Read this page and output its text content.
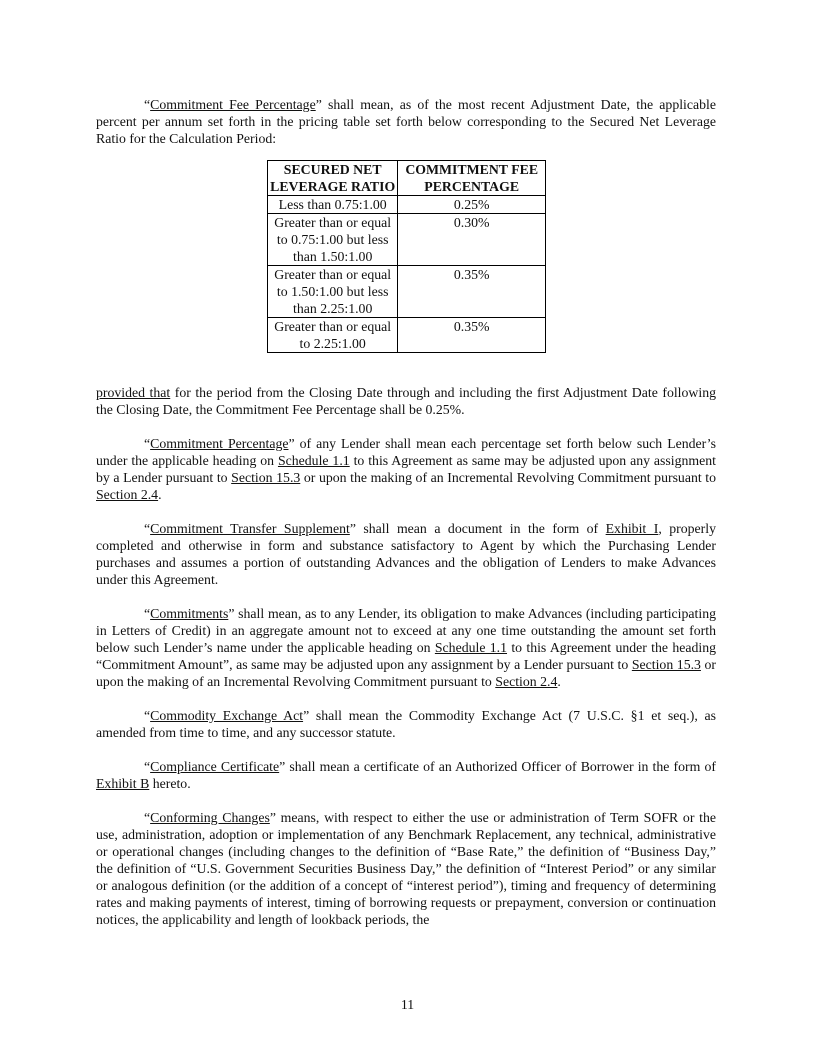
“Commitment Fee Percentage” shall mean, as of the most recent Adjustment Date, the applicable percent per annum set forth in the pricing table set forth below corresponding to the Secured Net Leverage Ratio for the Calculation Period:

SECURED NET LEVERAGE RATIO	COMMITMENT FEE PERCENTAGE
Less than 0.75:1.00	0.25%
Greater than or equal to 0.75:1.00 but less than 1.50:1.00	0.30%
Greater than or equal to 1.50:1.00 but less than 2.25:1.00	0.35%
Greater than or equal to 2.25:1.00	0.35%

provided that for the period from the Closing Date through and including the first Adjustment Date following the Closing Date, the Commitment Fee Percentage shall be 0.25%.

“Commitment Percentage” of any Lender shall mean each percentage set forth below such Lender’s under the applicable heading on Schedule 1.1 to this Agreement as same may be adjusted upon any assignment by a Lender pursuant to Section 15.3 or upon the making of an Incremental Revolving Commitment pursuant to Section 2.4.

“Commitment Transfer Supplement” shall mean a document in the form of Exhibit I, properly completed and otherwise in form and substance satisfactory to Agent by which the Purchasing Lender purchases and assumes a portion of outstanding Advances and the obligation of Lenders to make Advances under this Agreement.

“Commitments” shall mean, as to any Lender, its obligation to make Advances (including participating in Letters of Credit) in an aggregate amount not to exceed at any one time outstanding the amount set forth below such Lender’s name under the applicable heading on Schedule 1.1 to this Agreement under the heading “Commitment Amount”, as same may be adjusted upon any assignment by a Lender pursuant to Section 15.3 or upon the making of an Incremental Revolving Commitment pursuant to Section 2.4.

“Commodity Exchange Act” shall mean the Commodity Exchange Act (7 U.S.C. §1 et seq.), as amended from time to time, and any successor statute.

“Compliance Certificate” shall mean a certificate of an Authorized Officer of Borrower in the form of Exhibit B hereto.

“Conforming Changes” means, with respect to either the use or administration of Term SOFR or the use, administration, adoption or implementation of any Benchmark Replacement, any technical, administrative or operational changes (including changes to the definition of “Base Rate,” the definition of “Business Day,” the definition of “U.S. Government Securities Business Day,” the definition of “Interest Period” or any similar or analogous definition (or the addition of a concept of “interest period”), timing and frequency of determining rates and making payments of interest, timing of borrowing requests or prepayment, conversion or continuation notices, the applicability and length of lookback periods, the

11
